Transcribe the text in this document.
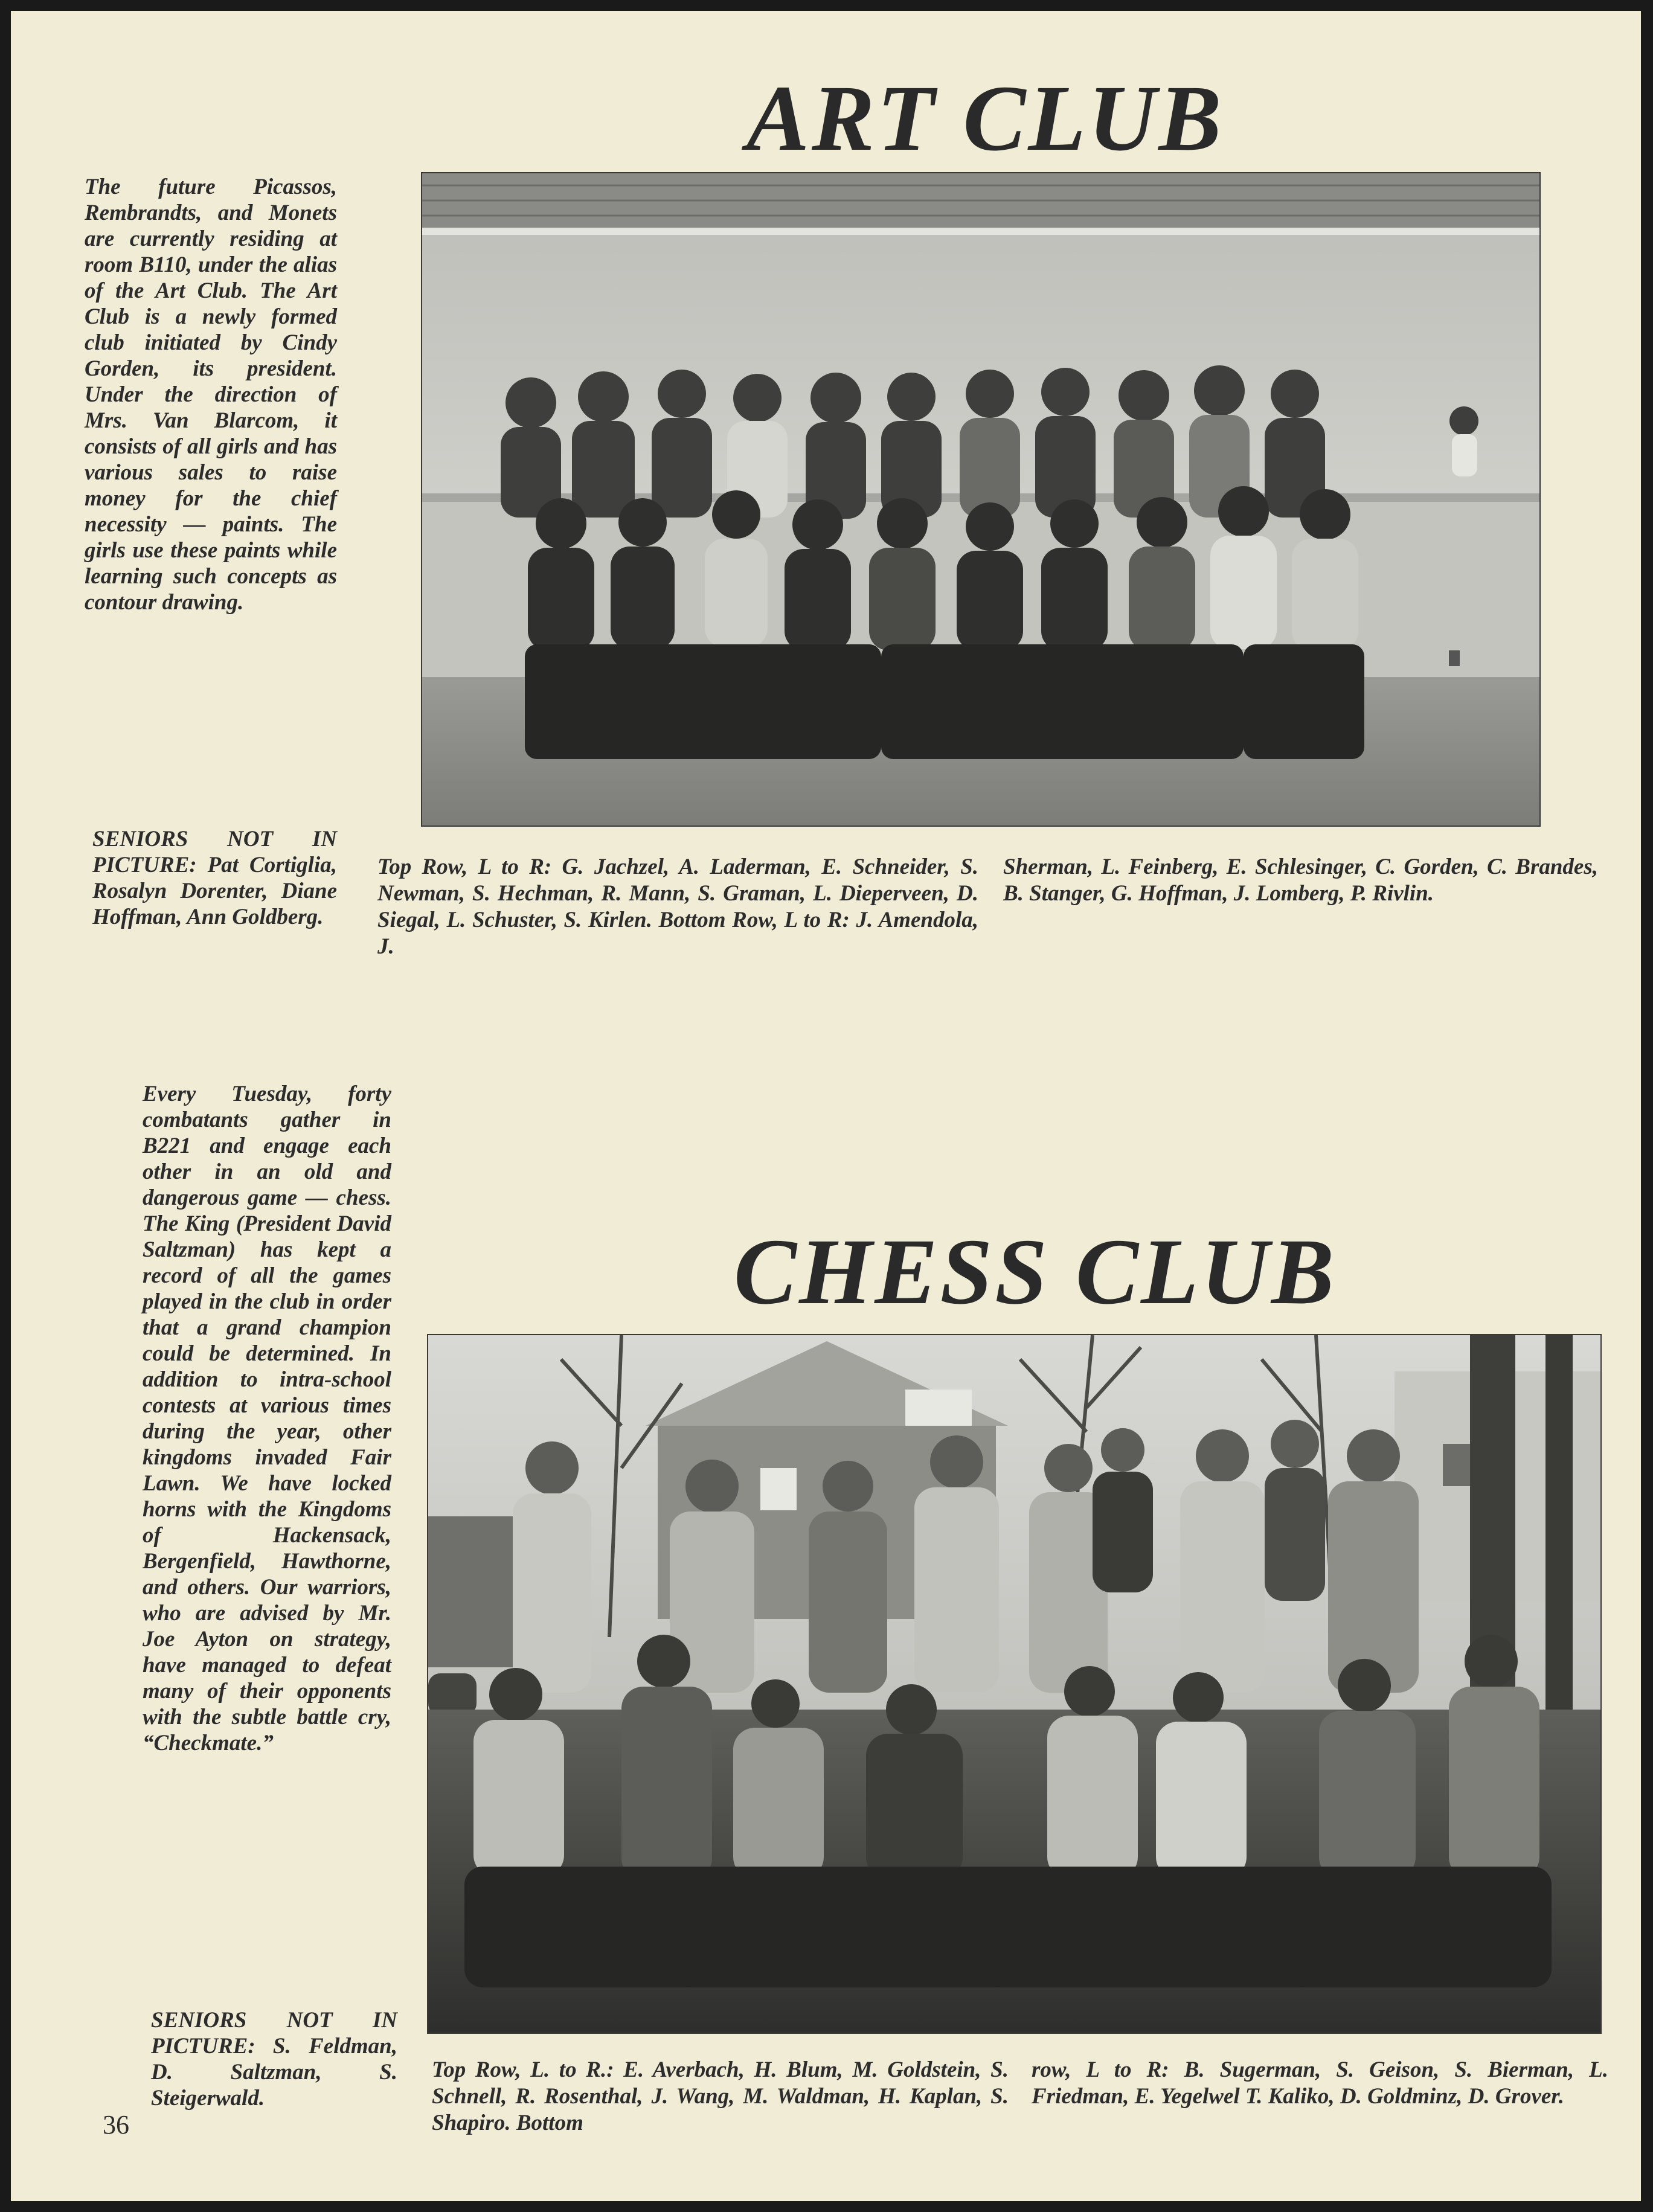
ART CLUB

The future Picassos, Rembrandts, and Monets are currently residing at room B110, under the alias of the Art Club. The Art Club is a newly formed club initiated by Cindy Gorden, its president. Under the direction of Mrs. Van Blarcom, it consists of all girls and has various sales to raise money for the chief necessity — paints. The girls use these paints while learning such concepts as contour drawing.

SENIORS NOT IN PICTURE: Pat Cortiglia, Rosalyn Dorenter, Diane Hoffman, Ann Goldberg.

Top Row, L to R: G. Jachzel, A. Laderman, E. Schneider, S. Newman, S. Hechman, R. Mann, S. Graman, L. Dieperveen, D. Siegal, L. Schuster, S. Kirlen. Bottom Row, L to R: J. Amendola, J.

Sherman, L. Feinberg, E. Schlesinger, C. Gorden, C. Brandes, B. Stanger, G. Hoffman, J. Lomberg, P. Rivlin.

Every Tuesday, forty combatants gather in B221 and engage each other in an old and dangerous game — chess. The King (President David Saltzman) has kept a record of all the games played in the club in order that a grand champion could be determined. In addition to intra-school contests at various times during the year, other kingdoms invaded Fair Lawn. We have locked horns with the Kingdoms of Hackensack, Bergenfield, Hawthorne, and others. Our warriors, who are advised by Mr. Joe Ayton on strategy, have managed to defeat many of their opponents with the subtle battle cry, “Checkmate.”

CHESS CLUB

SENIORS NOT IN PICTURE: S. Feldman, D. Saltzman, S. Steigerwald.

Top Row, L. to R.: E. Averbach, H. Blum, M. Goldstein, S. Schnell, R. Rosenthal, J. Wang, M. Waldman, H. Kaplan, S. Shapiro. Bottom

row, L to R: B. Sugerman, S. Geison, S. Bierman, L. Friedman, E. Yegelwel T. Kaliko, D. Goldminz, D. Grover.

36
